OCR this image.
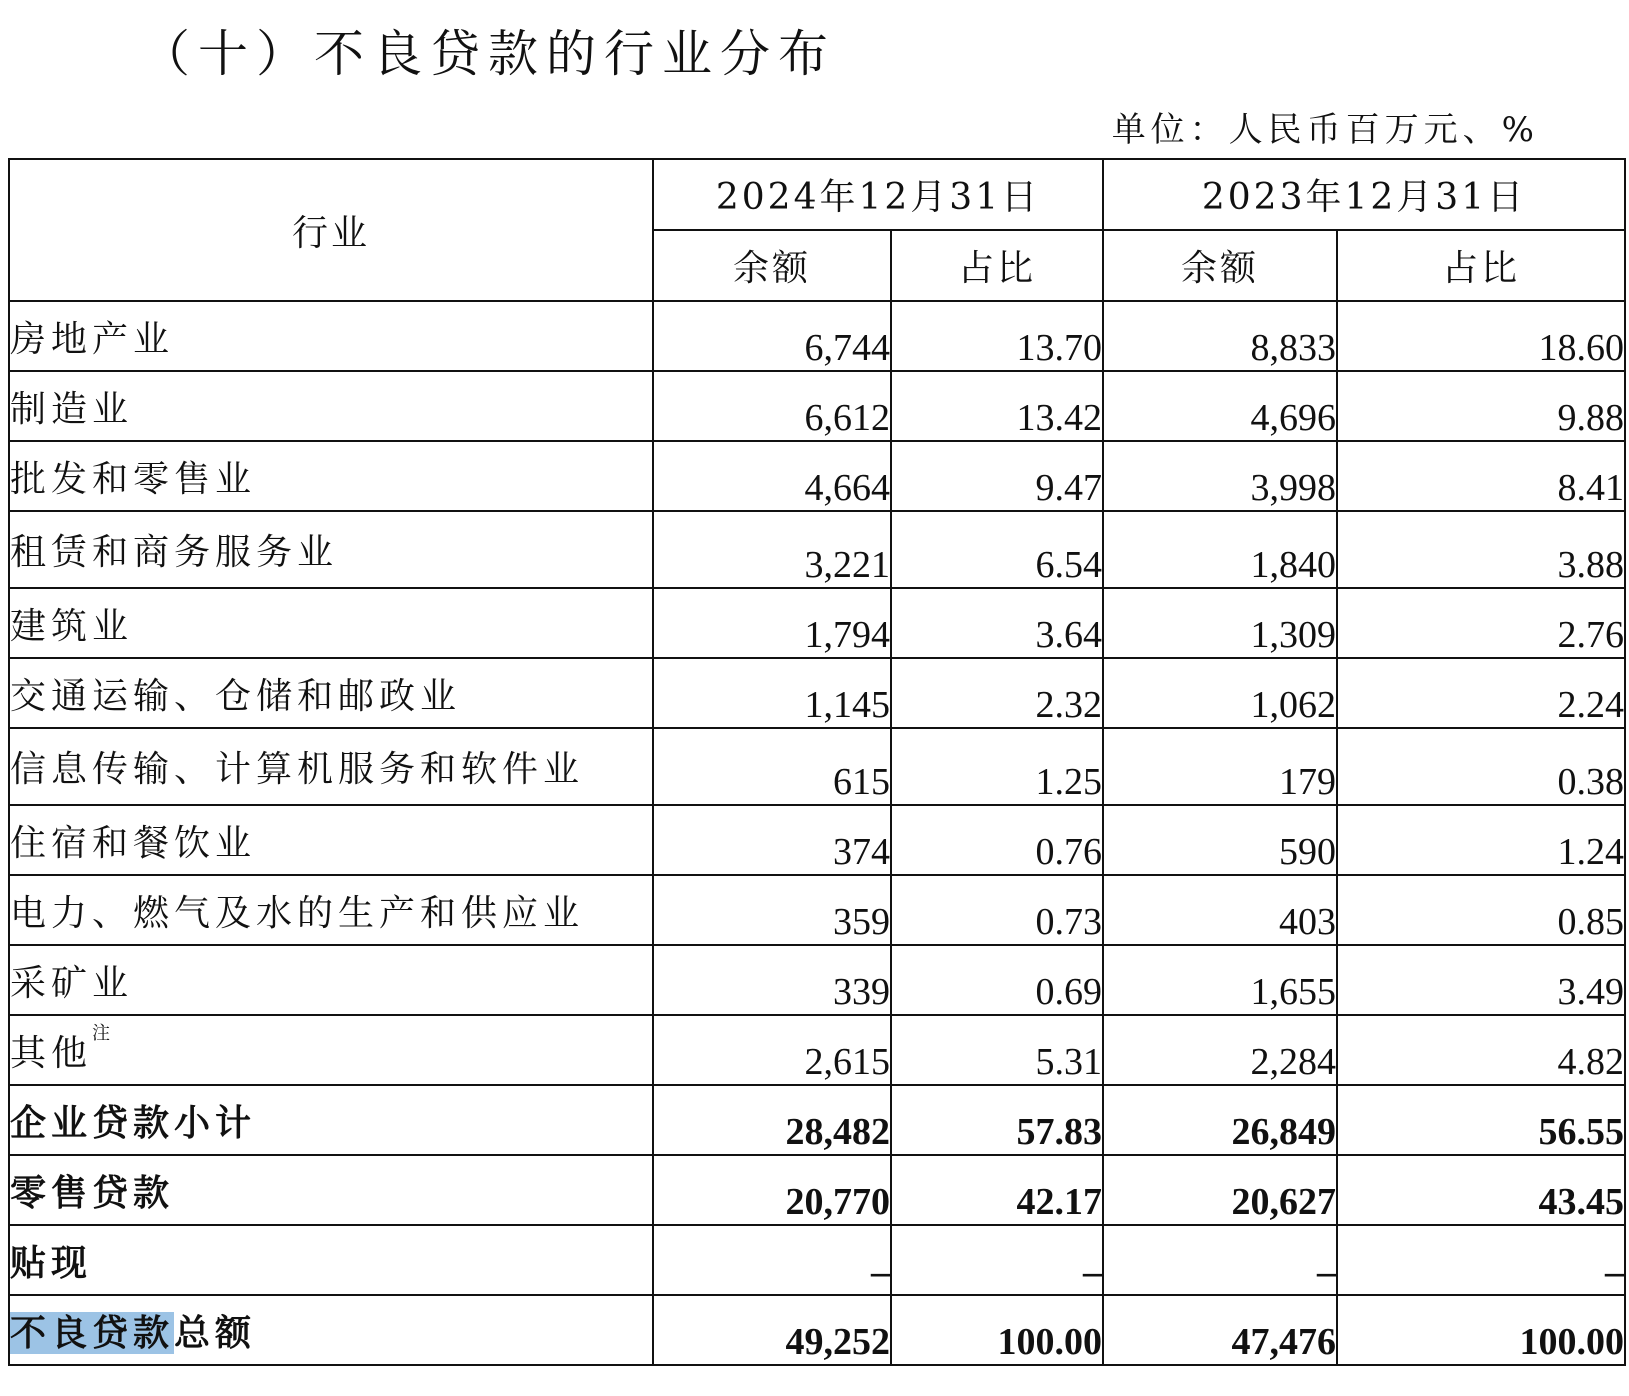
（十）不良贷款的行业分布
单位：人民币百万元、%
行业	2024年12月31日		2023年12月31日	
	余额	占比	余额	占比
房地产业	6,744	13.70	8,833	18.60
制造业	6,612	13.42	4,696	9.88
批发和零售业	4,664	9.47	3,998	8.41
租赁和商务服务业	3,221	6.54	1,840	3.88
建筑业	1,794	3.64	1,309	2.76
交通运输、仓储和邮政业	1,145	2.32	1,062	2.24
信息传输、计算机服务和软件业	615	1.25	179	0.38
住宿和餐饮业	374	0.76	590	1.24
电力、燃气及水的生产和供应业	359	0.73	403	0.85
采矿业	339	0.69	1,655	3.49
其他$^注$	2,615	5.31	2,284	4.82
企业贷款小计	28,482	57.83	26,849	56.55
零售贷款	20,770	42.17	20,627	43.45
贴现	–	–	–	–
不良贷款总额	49,252	100.00	47,476	100.00
